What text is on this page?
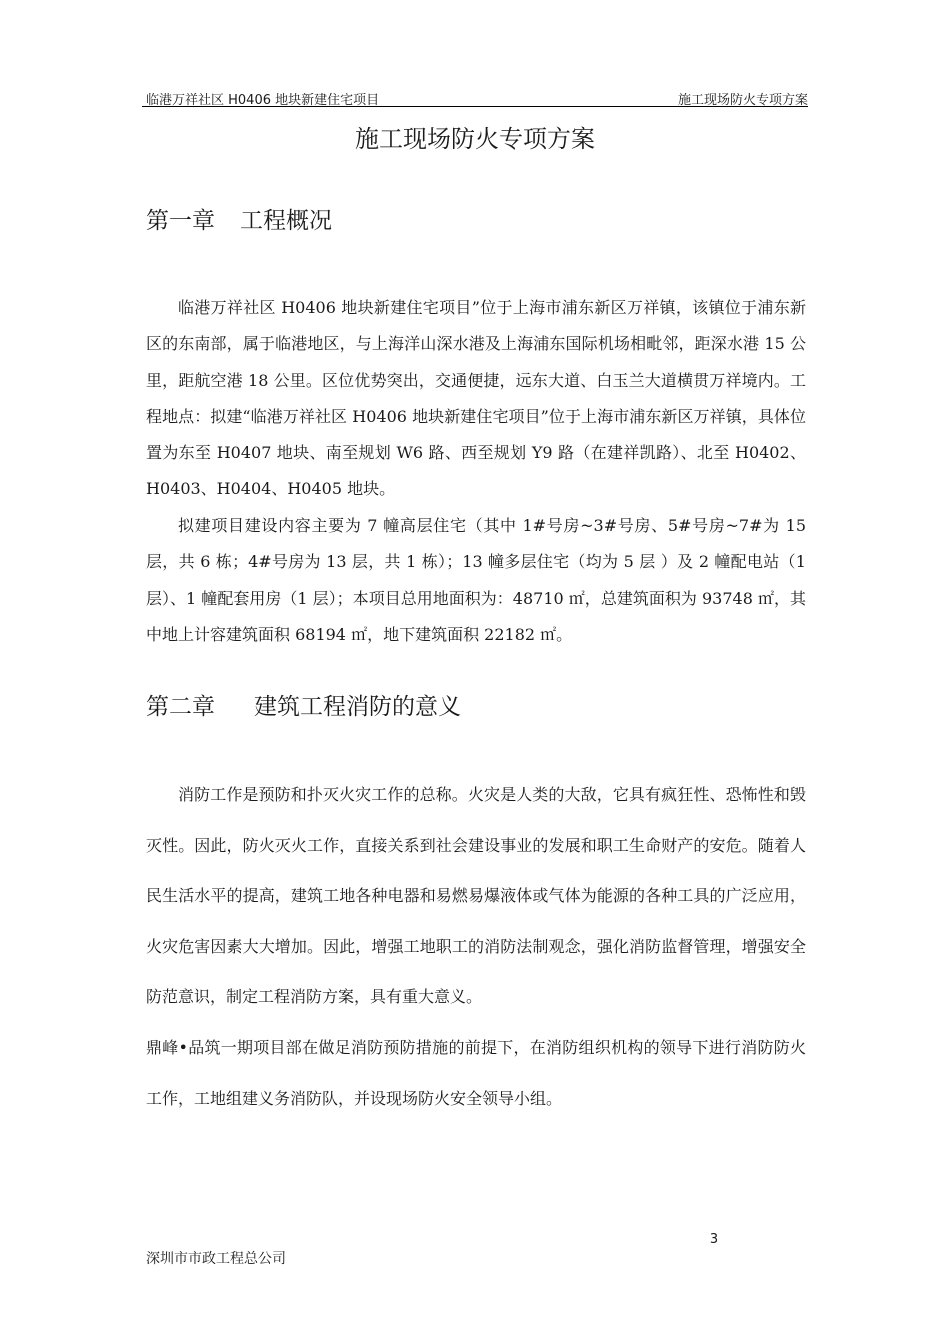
临港万祥社区 H0406 地块新建住宅项目	施工现场防火专项方案
施工现场防火专项方案
第一章 工程概况

临港万祥社区 H0406 地块新建住宅项目”位于上海市浦东新区万祥镇，该镇位于浦东新区的东南部，属于临港地区，与上海洋山深水港及上海浦东国际机场相毗邻，距深水港 15 公里，距航空港 18 公里。区位优势突出，交通便捷，远东大道、白玉兰大道横贯万祥境内。工程地点：拟建“临港万祥社区 H0406 地块新建住宅项目”位于上海市浦东新区万祥镇，具体位置为东至 H0407 地块、南至规划 W6 路、西至规划 Y9 路（在建祥凯路）、北至 H0402、H0403、H0404、H0405 地块。

拟建项目建设内容主要为 7 幢高层住宅（其中 1#号房~3#号房、5#号房~7#为 15 层，共 6 栋；4#号房为 13 层，共 1 栋）；13 幢多层住宅（均为 5 层 ）及 2 幢配电站（1 层）、1 幢配套用房（1 层）；本项目总用地面积为：48710 ㎡，总建筑面积为 93748 ㎡，其中地上计容建筑面积 68194 ㎡，地下建筑面积 22182 ㎡。

第二章 建筑工程消防的意义

消防工作是预防和扑灭火灾工作的总称。火灾是人类的大敌，它具有疯狂性、恐怖性和毁灭性。因此，防火灭火工作，直接关系到社会建设事业的发展和职工生命财产的安危。随着人民生活水平的提高，建筑工地各种电器和易燃易爆液体或气体为能源的各种工具的广泛应用，火灾危害因素大大增加。因此，增强工地职工的消防法制观念，强化消防监督管理，增强安全防范意识，制定工程消防方案，具有重大意义。

鼎峰•品筑一期项目部在做足消防预防措施的前提下，在消防组织机构的领导下进行消防防火工作，工地组建义务消防队，并设现场防火安全领导小组。

3
深圳市市政工程总公司
